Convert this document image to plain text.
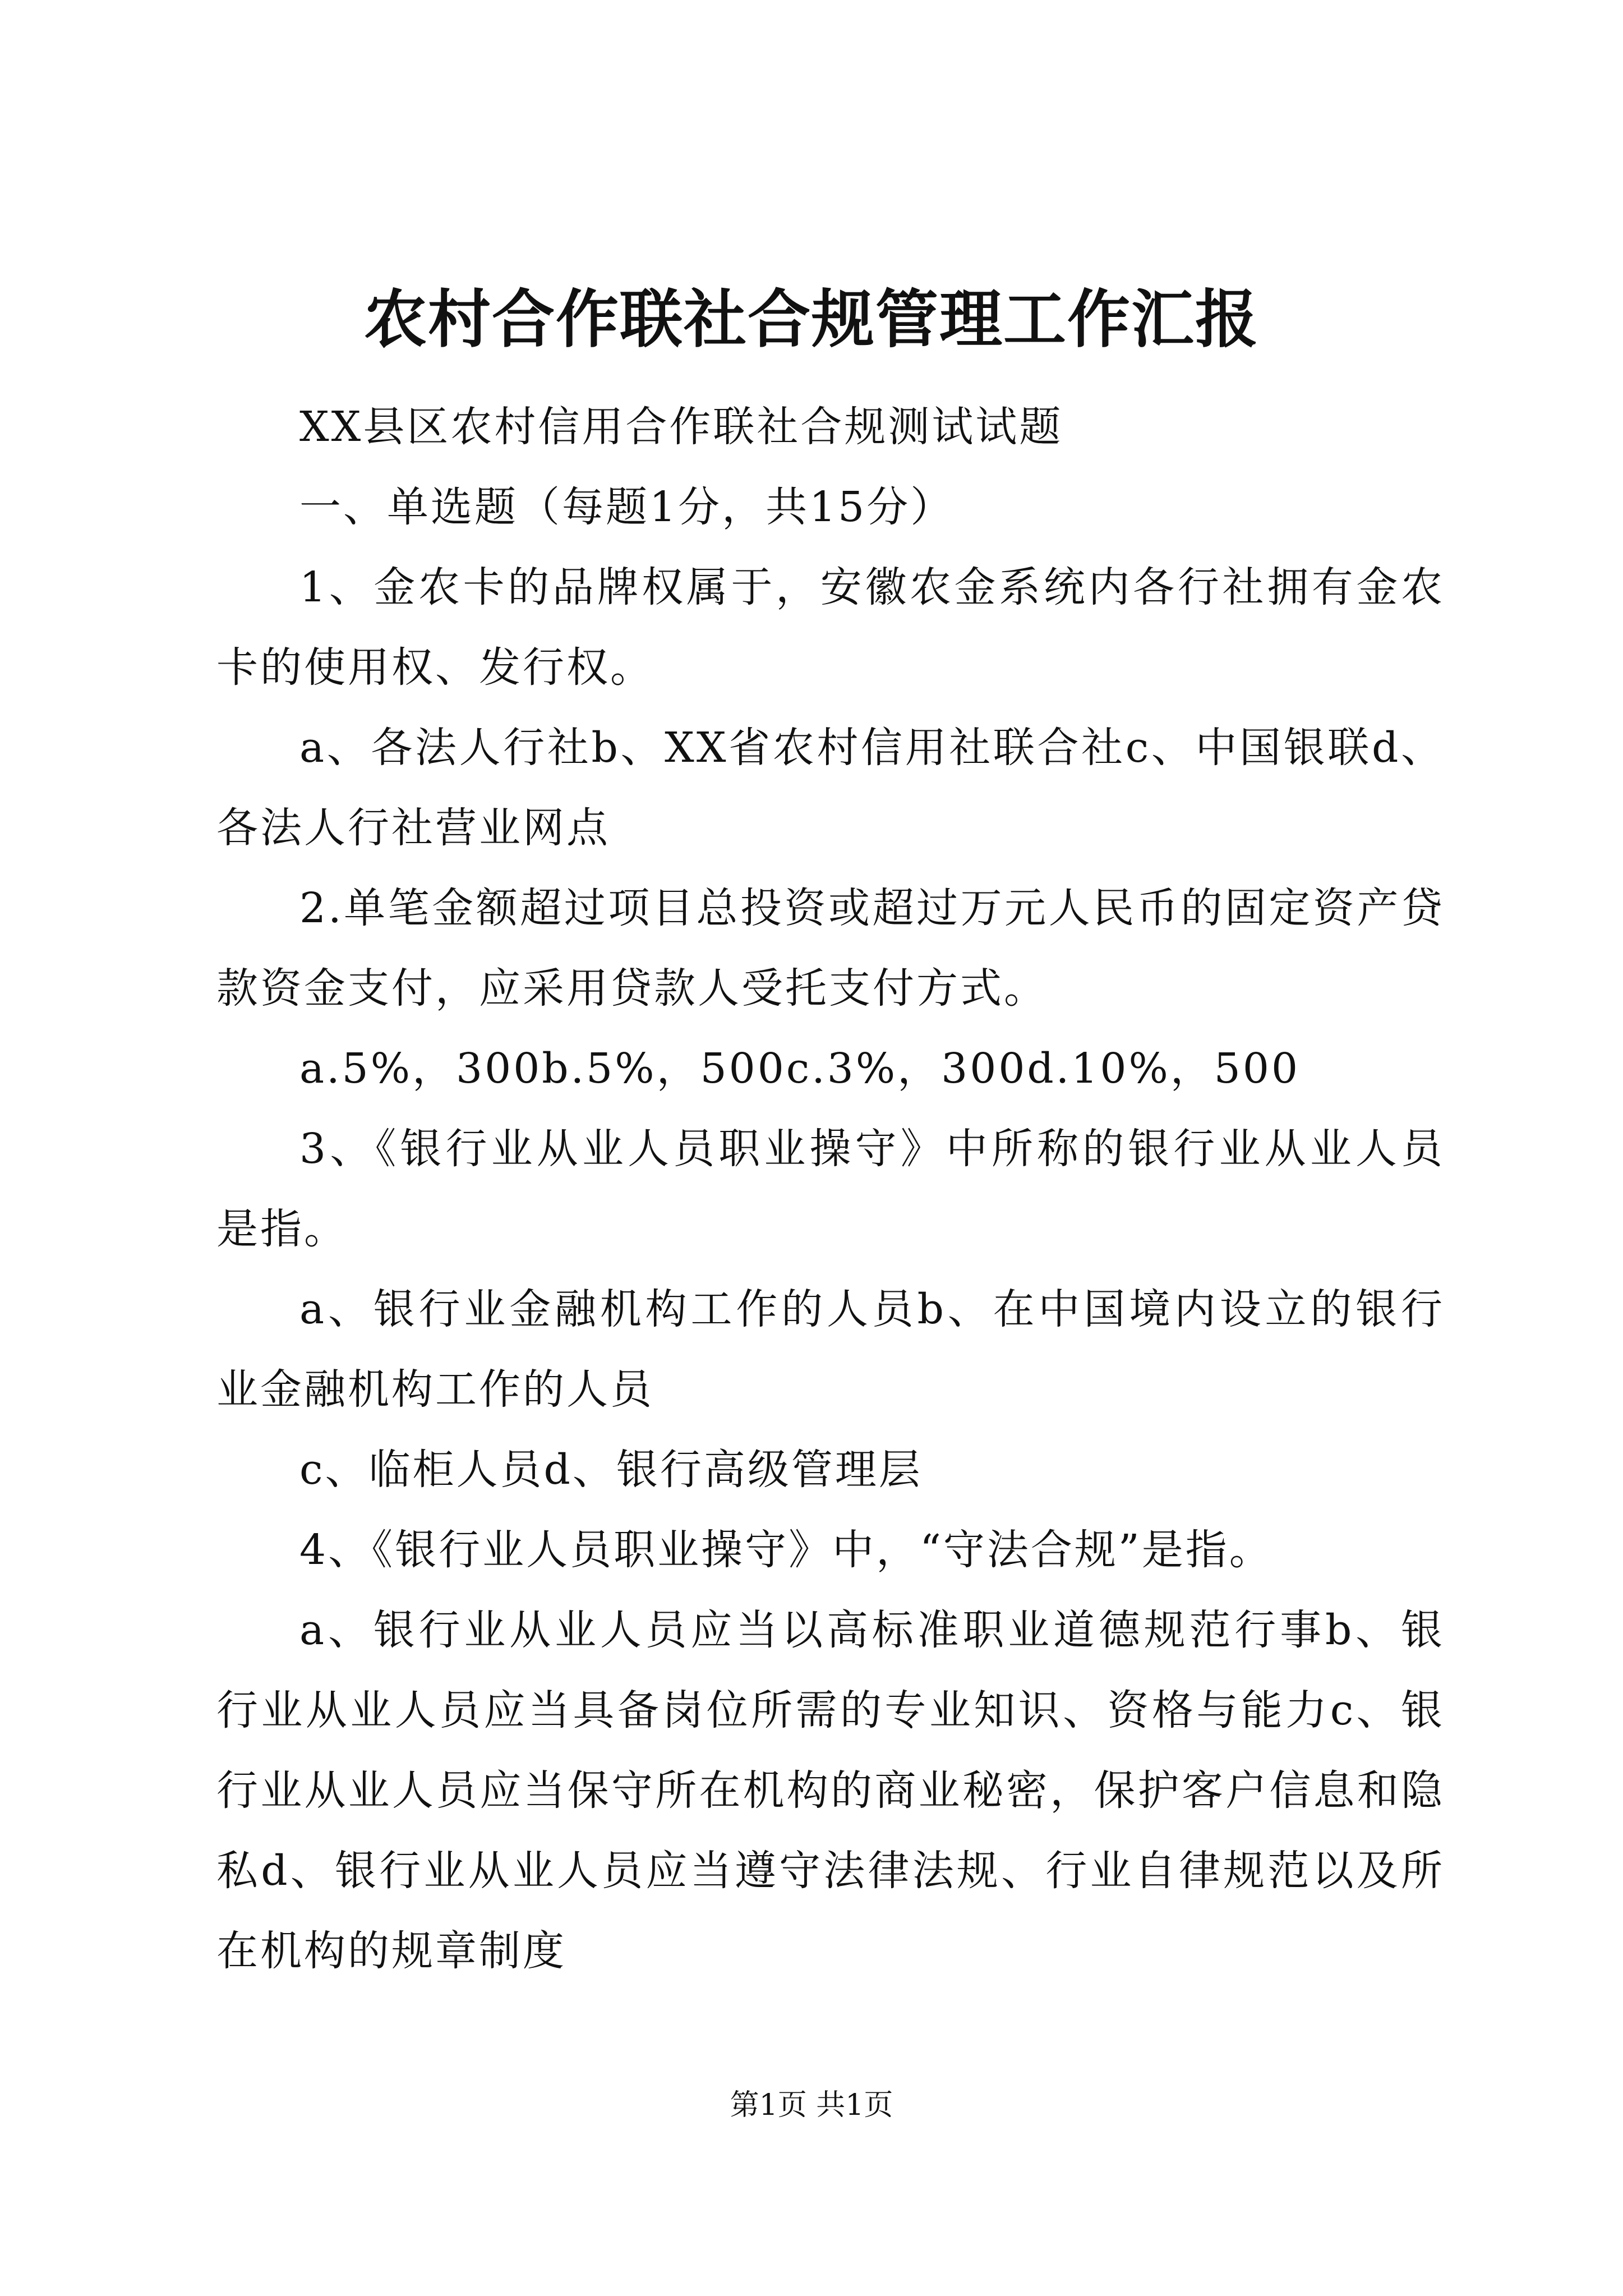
农村合作联社合规管理工作汇报

XX县区农村信用合作联社合规测试试题

一、单选题（每题1分，共15分）

1、金农卡的品牌权属于，安徽农金系统内各行社拥有金农卡的使用权、发行权。

a、各法人行社b、XX省农村信用社联合社c、中国银联d、各法人行社营业网点

2.单笔金额超过项目总投资或超过万元人民币的固定资产贷款资金支付，应采用贷款人受托支付方式。

a.5%，300b.5%，500c.3%，300d.10%，500

3、《银行业从业人员职业操守》中所称的银行业从业人员是指。

a、银行业金融机构工作的人员b、在中国境内设立的银行业金融机构工作的人员

c、临柜人员d、银行高级管理层

4、《银行业人员职业操守》中，“守法合规”是指。

a、银行业从业人员应当以高标准职业道德规范行事b、银行业从业人员应当具备岗位所需的专业知识、资格与能力c、银行业从业人员应当保守所在机构的商业秘密，保护客户信息和隐私d、银行业从业人员应当遵守法律法规、行业自律规范以及所在机构的规章制度

第1页 共1页
